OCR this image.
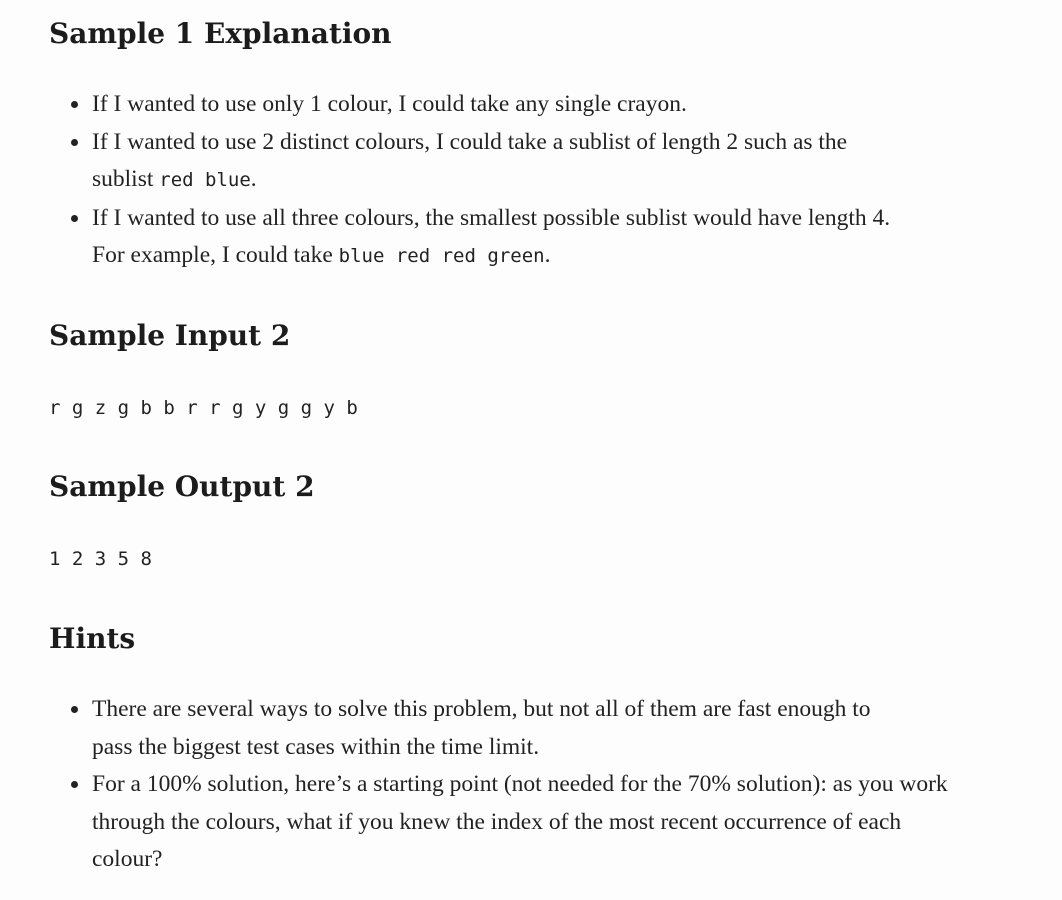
Sample 1 Explanation
If I wanted to use only 1 colour, I could take any single crayon.
If I wanted to use 2 distinct colours, I could take a sublist of length 2 such as the sublist red blue.
If I wanted to use all three colours, the smallest possible sublist would have length 4. For example, I could take blue red red green.
Sample Input 2
r g z g b b r r g y g g y b
Sample Output 2
1 2 3 5 8
Hints
There are several ways to solve this problem, but not all of them are fast enough to pass the biggest test cases within the time limit.
For a 100% solution, here’s a starting point (not needed for the 70% solution): as you work through the colours, what if you knew the index of the most recent occurrence of each colour?
